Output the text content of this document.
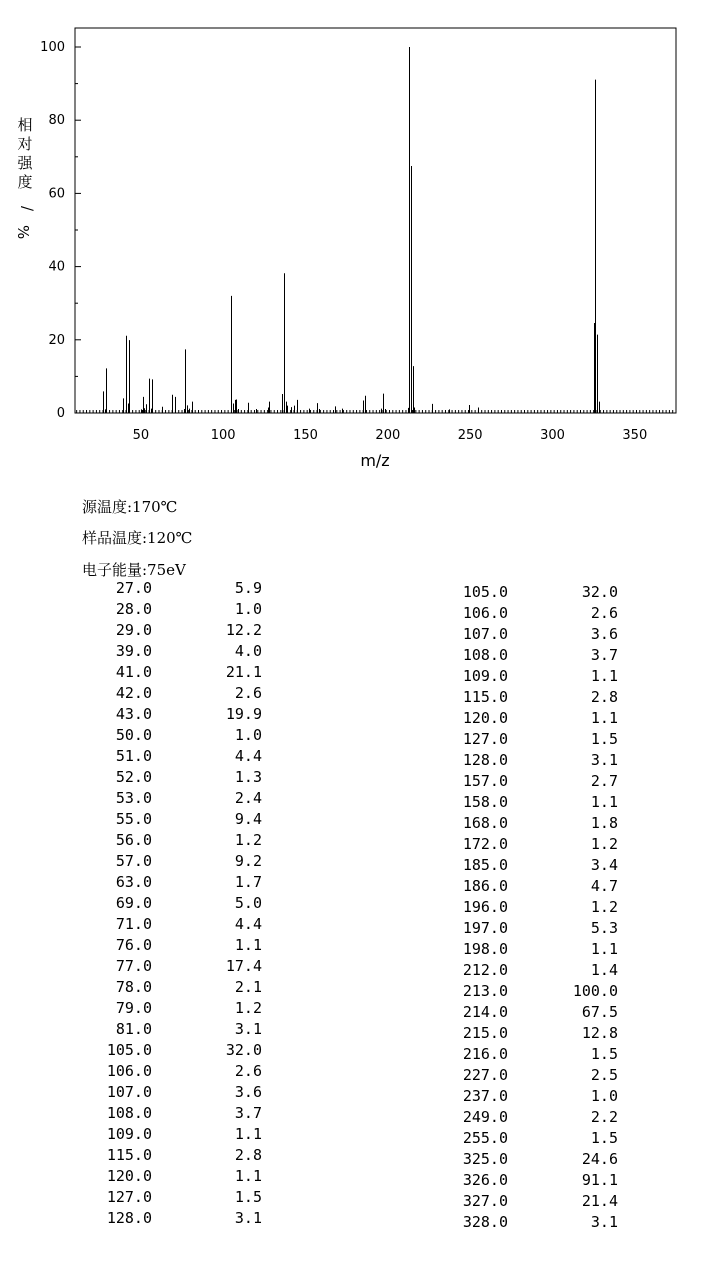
0
20
40
60
80
100
50	100	150	200	250	300	350
m/z
相对强度/ %
源温度:170℃
样品温度:120℃
电子能量:75eV
27.0	5.9
28.0	1.0
29.0	12.2
39.0	4.0
41.0	21.1
42.0	2.6
43.0	19.9
50.0	1.0
51.0	4.4
52.0	1.3
53.0	2.4
55.0	9.4
56.0	1.2
57.0	9.2
63.0	1.7
69.0	5.0
71.0	4.4
76.0	1.1
77.0	17.4
78.0	2.1
79.0	1.2
81.0	3.1
105.0	32.0
106.0	2.6
107.0	3.6
108.0	3.7
109.0	1.1
115.0	2.8
120.0	1.1
127.0	1.5
128.0	3.1
105.0	32.0
106.0	2.6
107.0	3.6
108.0	3.7
109.0	1.1
115.0	2.8
120.0	1.1
127.0	1.5
128.0	3.1
157.0	2.7
158.0	1.1
168.0	1.8
172.0	1.2
185.0	3.4
186.0	4.7
196.0	1.2
197.0	5.3
198.0	1.1
212.0	1.4
213.0	100.0
214.0	67.5
215.0	12.8
216.0	1.5
227.0	2.5
237.0	1.0
249.0	2.2
255.0	1.5
325.0	24.6
326.0	91.1
327.0	21.4
328.0	3.1
